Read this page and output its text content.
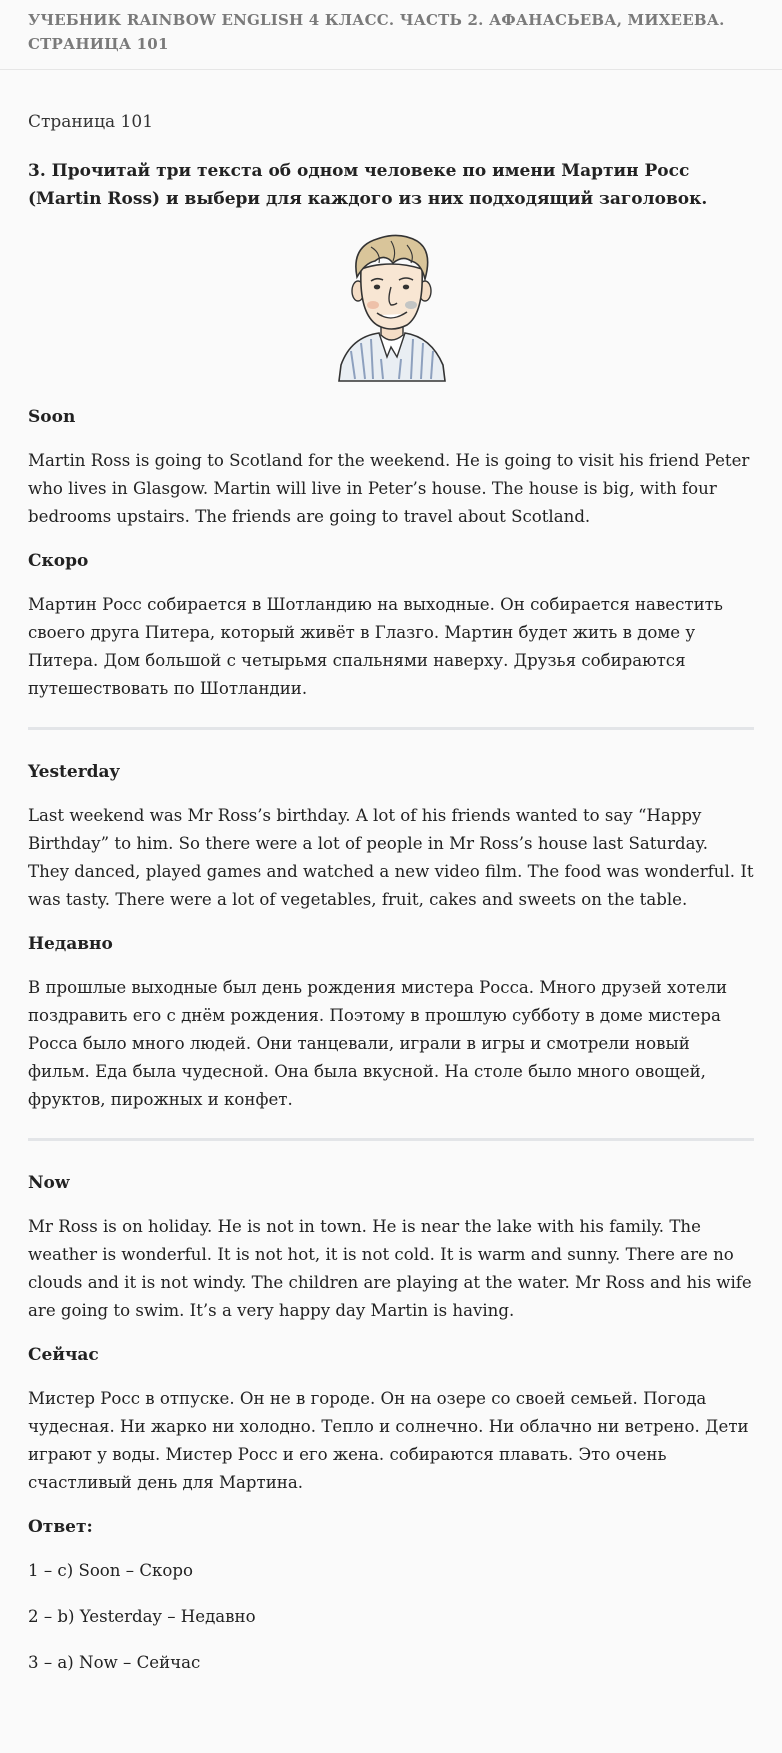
УЧЕБНИК RAINBOW ENGLISH 4 КЛАСС. ЧАСТЬ 2. АФАНАСЬЕВА, МИХЕЕВА. СТРАНИЦА 101
Страница 101
3. Прочитай три текста об одном человеке по имени Мартин Росс (Martin Ross) и выбери для каждого из них подходящий заголовок.
Soon
Martin Ross is going to Scotland for the weekend. He is going to visit his friend Peter who lives in Glasgow. Martin will live in Peter’s house. The house is big, with four bedrooms upstairs. The friends are going to travel about Scotland.
Скоро
Мартин Росс собирается в Шотландию на выходные. Он собирается навестить своего друга Питера, который живёт в Глазго. Мартин будет жить в доме у Питера. Дом большой с четырьмя спальнями наверху. Друзья собираются путешествовать по Шотландии.
Yesterday
Last weekend was Mr Ross’s birthday. A lot of his friends wanted to say “Happy Birthday” to him. So there were a lot of people in Mr Ross’s house last Saturday. They danced, played games and watched a new video film. The food was wonderful. It was tasty. There were a lot of vegetables, fruit, cakes and sweets on the table.
Недавно
В прошлые выходные был день рождения мистера Росса. Много друзей хотели поздравить его с днём рождения. Поэтому в прошлую субботу в доме мистера Росса было много людей. Они танцевали, играли в игры и смотрели новый фильм. Еда была чудесной. Она была вкусной. На столе было много овощей, фруктов, пирожных и конфет.
Now
Mr Ross is on holiday. He is not in town. He is near the lake with his family. The weather is wonderful. It is not hot, it is not cold. It is warm and sunny. There are no clouds and it is not windy. The children are playing at the water. Mr Ross and his wife are going to swim. It’s a very happy day Martin is having.
Сейчас
Мистер Росс в отпуске. Он не в городе. Он на озере со своей семьей. Погода чудесная. Ни жарко ни холодно. Тепло и солнечно. Ни облачно ни ветрено. Дети играют у воды. Мистер Росс и его жена. собираются плавать. Это очень счастливый день для Мартина.
Ответ:
1 – c) Soon – Скоро
2 – b) Yesterday – Недавно
3 – a) Now – Сейчас
